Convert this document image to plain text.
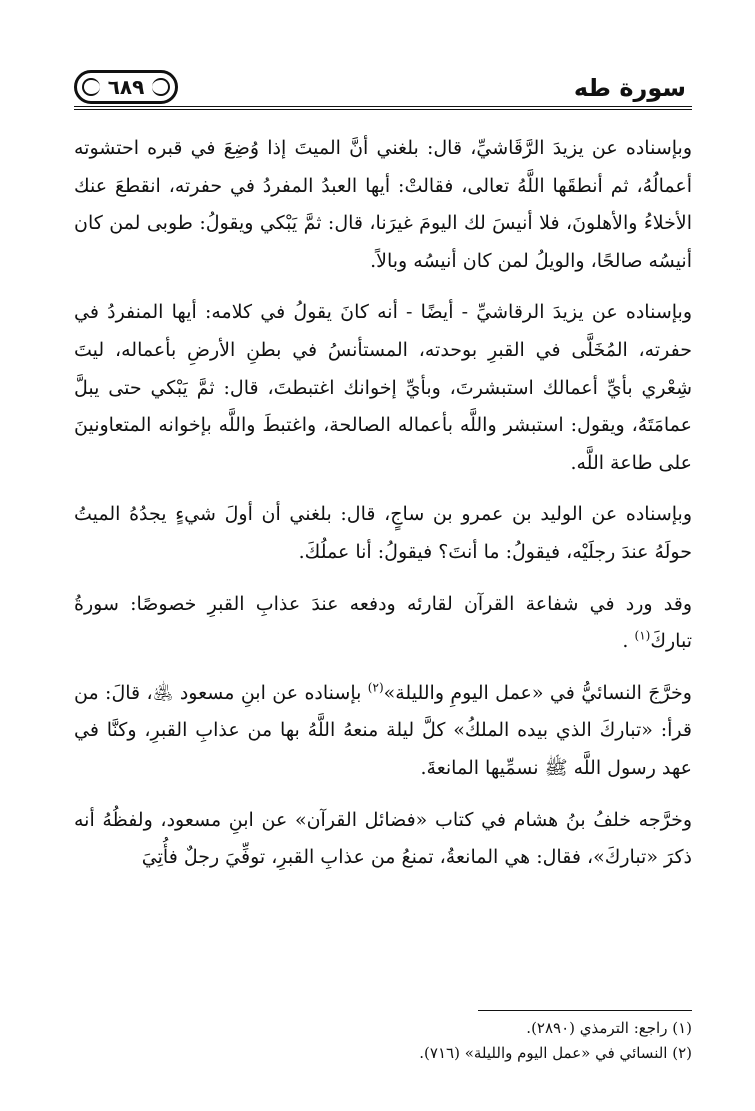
٦٨٩	سورة طه

وبإسناده عن يزيدَ الرَّقَاشيِّ، قال: بلغني أنَّ الميتَ إذا وُضِعَ في قبره احتشوته أعمالُهُ، ثم أنطقَها اللَّهُ تعالى، فقالتْ: أيها العبدُ المفردُ في حفرته، انقطعَ عنك الأخلاءُ والأهلونَ، فلا أنيسَ لك اليومَ غيرَنا، قال: ثمَّ يَبْكي ويقولُ: طوبى لمن كان أنيسُه صالحًا، والويلُ لمن كان أنيسُه وبالاً.

وبإسناده عن يزيدَ الرقاشيِّ - أيضًا - أنه كانَ يقولُ في كلامه: أيها المنفردُ في حفرته، المُخَلَّى في القبرِ بوحدته، المستأنسُ في بطنِ الأرضِ بأعماله، ليتَ شِعْري بأيِّ أعمالك استبشرتَ، وبأيِّ إخوانك اغتبطتَ، قال: ثمَّ يَبْكي حتى يبلَّ عمامَتَهُ، ويقول: استبشر واللَّه بأعماله الصالحة، واغتبطَ واللَّه بإخوانه المتعاونينَ على طاعة اللَّه.

وبإسناده عن الوليد بن عمرو بن ساجٍ، قال: بلغني أن أولَ شيءٍ يجدُهُ الميتُ حولَهُ عندَ رجلَيْه، فيقولُ: ما أنتَ؟ فيقولُ: أنا عملُكَ.

وقد ورد في شفاعة القرآن لقارئه ودفعه عندَ عذابِ القبرِ خصوصًا: سورةُ تباركَ$^{(١)}$ .

وخرَّجَ النسائيُّ في «عمل اليومِ والليلة»$^{(٢)}$ بإسناده عن ابنِ مسعود ﵁، قالَ: من قرأ: «تباركَ الذي بيده الملكُ» كلَّ ليلة منعهُ اللَّهُ بها من عذابِ القبرِ، وكنَّا في عهد رسول اللَّه ﷺ نسمِّيها المانعةَ.

وخرَّجه خلفُ بنُ هشام في كتاب «فضائل القرآن» عن ابنِ مسعود، ولفظُهُ أنه ذكرَ «تباركَ»، فقال: هي المانعةُ، تمنعُ من عذابِ القبرِ، توفِّيَ رجلٌ فأُتِيَ

(١) راجع: الترمذي (٢٨٩٠).

(٢) النسائي في «عمل اليوم والليلة» (٧١٦).
